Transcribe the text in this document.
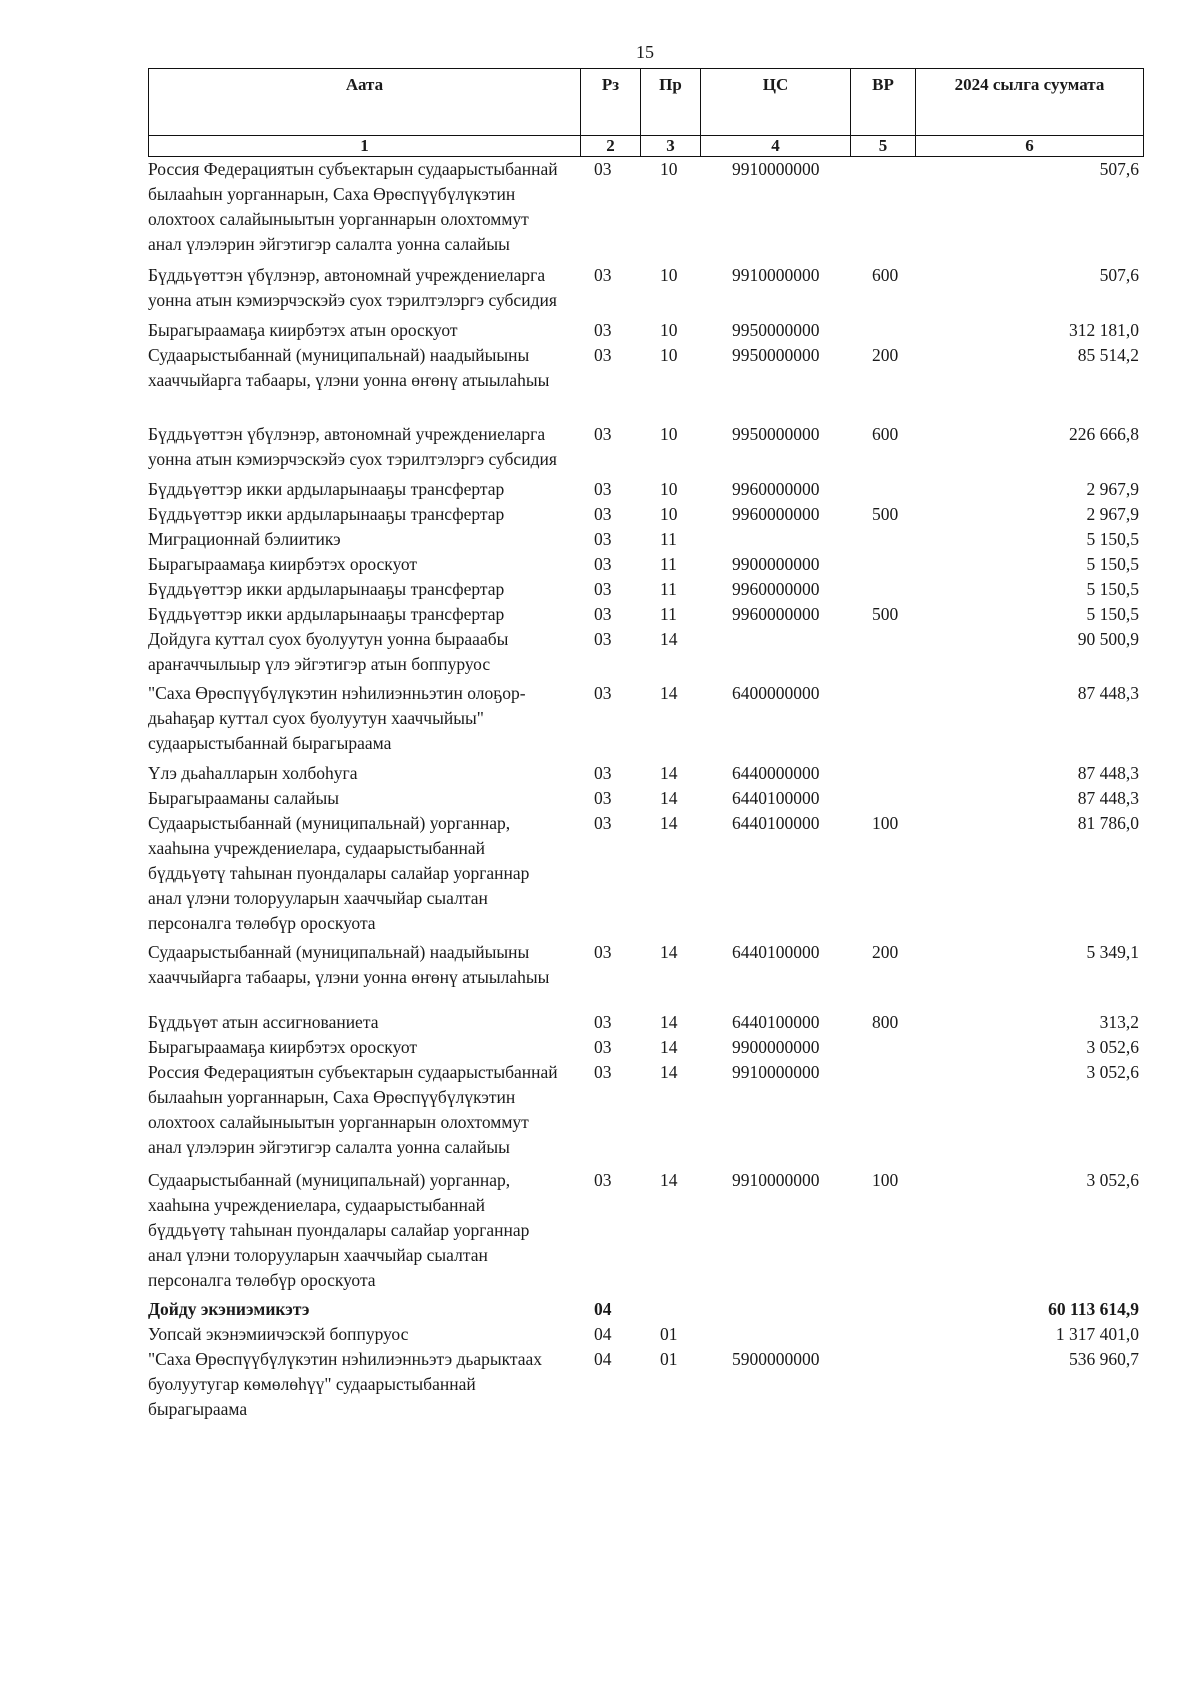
15
Аата	Рз	Пр	ЦС	ВР	2024 сылга суумата
1	2	3	4	5	6
Россия Федерациятын субъектарын судаарыстыбаннай былааһын уорганнарын, Саха Өрөспүүбүлүкэтин олохтоох салайыныытын уорганнарын олохтоммут анал үлэлэрин эйгэтигэр салалта уонна салайыы	03	10	9910000000		507,6
Бүддьүөттэн үбүлэнэр, автономнай учреждениеларга уонна атын кэмиэрчэскэйэ суох тэрилтэлэргэ субсидия	03	10	9910000000	600	507,6
Бырагыраамаҕа киирбэтэх атын ороскуот	03	10	9950000000		312 181,0
Судаарыстыбаннай (муниципальнай) наадыйыыны хааччыйарга табаары, үлэни уонна өҥөнү атыылаһыы	03	10	9950000000	200	85 514,2
Бүддьүөттэн үбүлэнэр, автономнай учреждениеларга уонна атын кэмиэрчэскэйэ суох тэрилтэлэргэ субсидия	03	10	9950000000	600	226 666,8
Бүддьүөттэр икки ардыларынааҕы трансфертар	03	10	9960000000		2 967,9
Бүддьүөттэр икки ардыларынааҕы трансфертар	03	10	9960000000	500	2 967,9
Миграционнай бэлиитикэ	03	11			5 150,5
Бырагыраамаҕа киирбэтэх ороскуот	03	11	9900000000		5 150,5
Бүддьүөттэр икки ардыларынааҕы трансфертар	03	11	9960000000		5 150,5
Бүддьүөттэр икки ардыларынааҕы трансфертар	03	11	9960000000	500	5 150,5
Дойдуга куттал суох буолуутун уонна бырааабы араҥаччылыыр үлэ эйгэтигэр атын боппуруос	03	14			90 500,9
"Саха Өрөспүүбүлүкэтин нэһилиэнньэтин олоҕор-дьаһаҕар куттал суох буолуутун хааччыйыы" судаарыстыбаннай бырагыраама	03	14	6400000000		87 448,3
Үлэ дьаһалларын холбоһуга	03	14	6440000000		87 448,3
Бырагырааманы салайыы	03	14	6440100000		87 448,3
Судаарыстыбаннай (муниципальнай) уорганнар, хааһына учреждениелара, судаарыстыбаннай бүддьүөтү таһынан пуондалары салайар уорганнар анал үлэни толорууларын хааччыйар сыалтан персоналга төлөбүр ороскуота	03	14	6440100000	100	81 786,0
Судаарыстыбаннай (муниципальнай) наадыйыыны хааччыйарга табаары, үлэни уонна өҥөнү атыылаһыы	03	14	6440100000	200	5 349,1
Бүддьүөт атын ассигнованиета	03	14	6440100000	800	313,2
Бырагыраамаҕа киирбэтэх ороскуот	03	14	9900000000		3 052,6
Россия Федерациятын субъектарын судаарыстыбаннай былааһын уорганнарын, Саха Өрөспүүбүлүкэтин олохтоох салайыныытын уорганнарын олохтоммут анал үлэлэрин эйгэтигэр салалта уонна салайыы	03	14	9910000000		3 052,6
Судаарыстыбаннай (муниципальнай) уорганнар, хааһына учреждениелара, судаарыстыбаннай бүддьүөтү таһынан пуондалары салайар уорганнар анал үлэни толорууларын хааччыйар сыалтан персоналга төлөбүр ороскуота	03	14	9910000000	100	3 052,6
Дойду экэниэмикэтэ	04				60 113 614,9
Уопсай экэнэмиичэскэй боппуруос	04	01			1 317 401,0
"Саха Өрөспүүбүлүкэтин нэһилиэнньэтэ дьарыктаах буолуутугар көмөлөһүү" судаарыстыбаннай бырагыраама	04	01	5900000000		536 960,7
